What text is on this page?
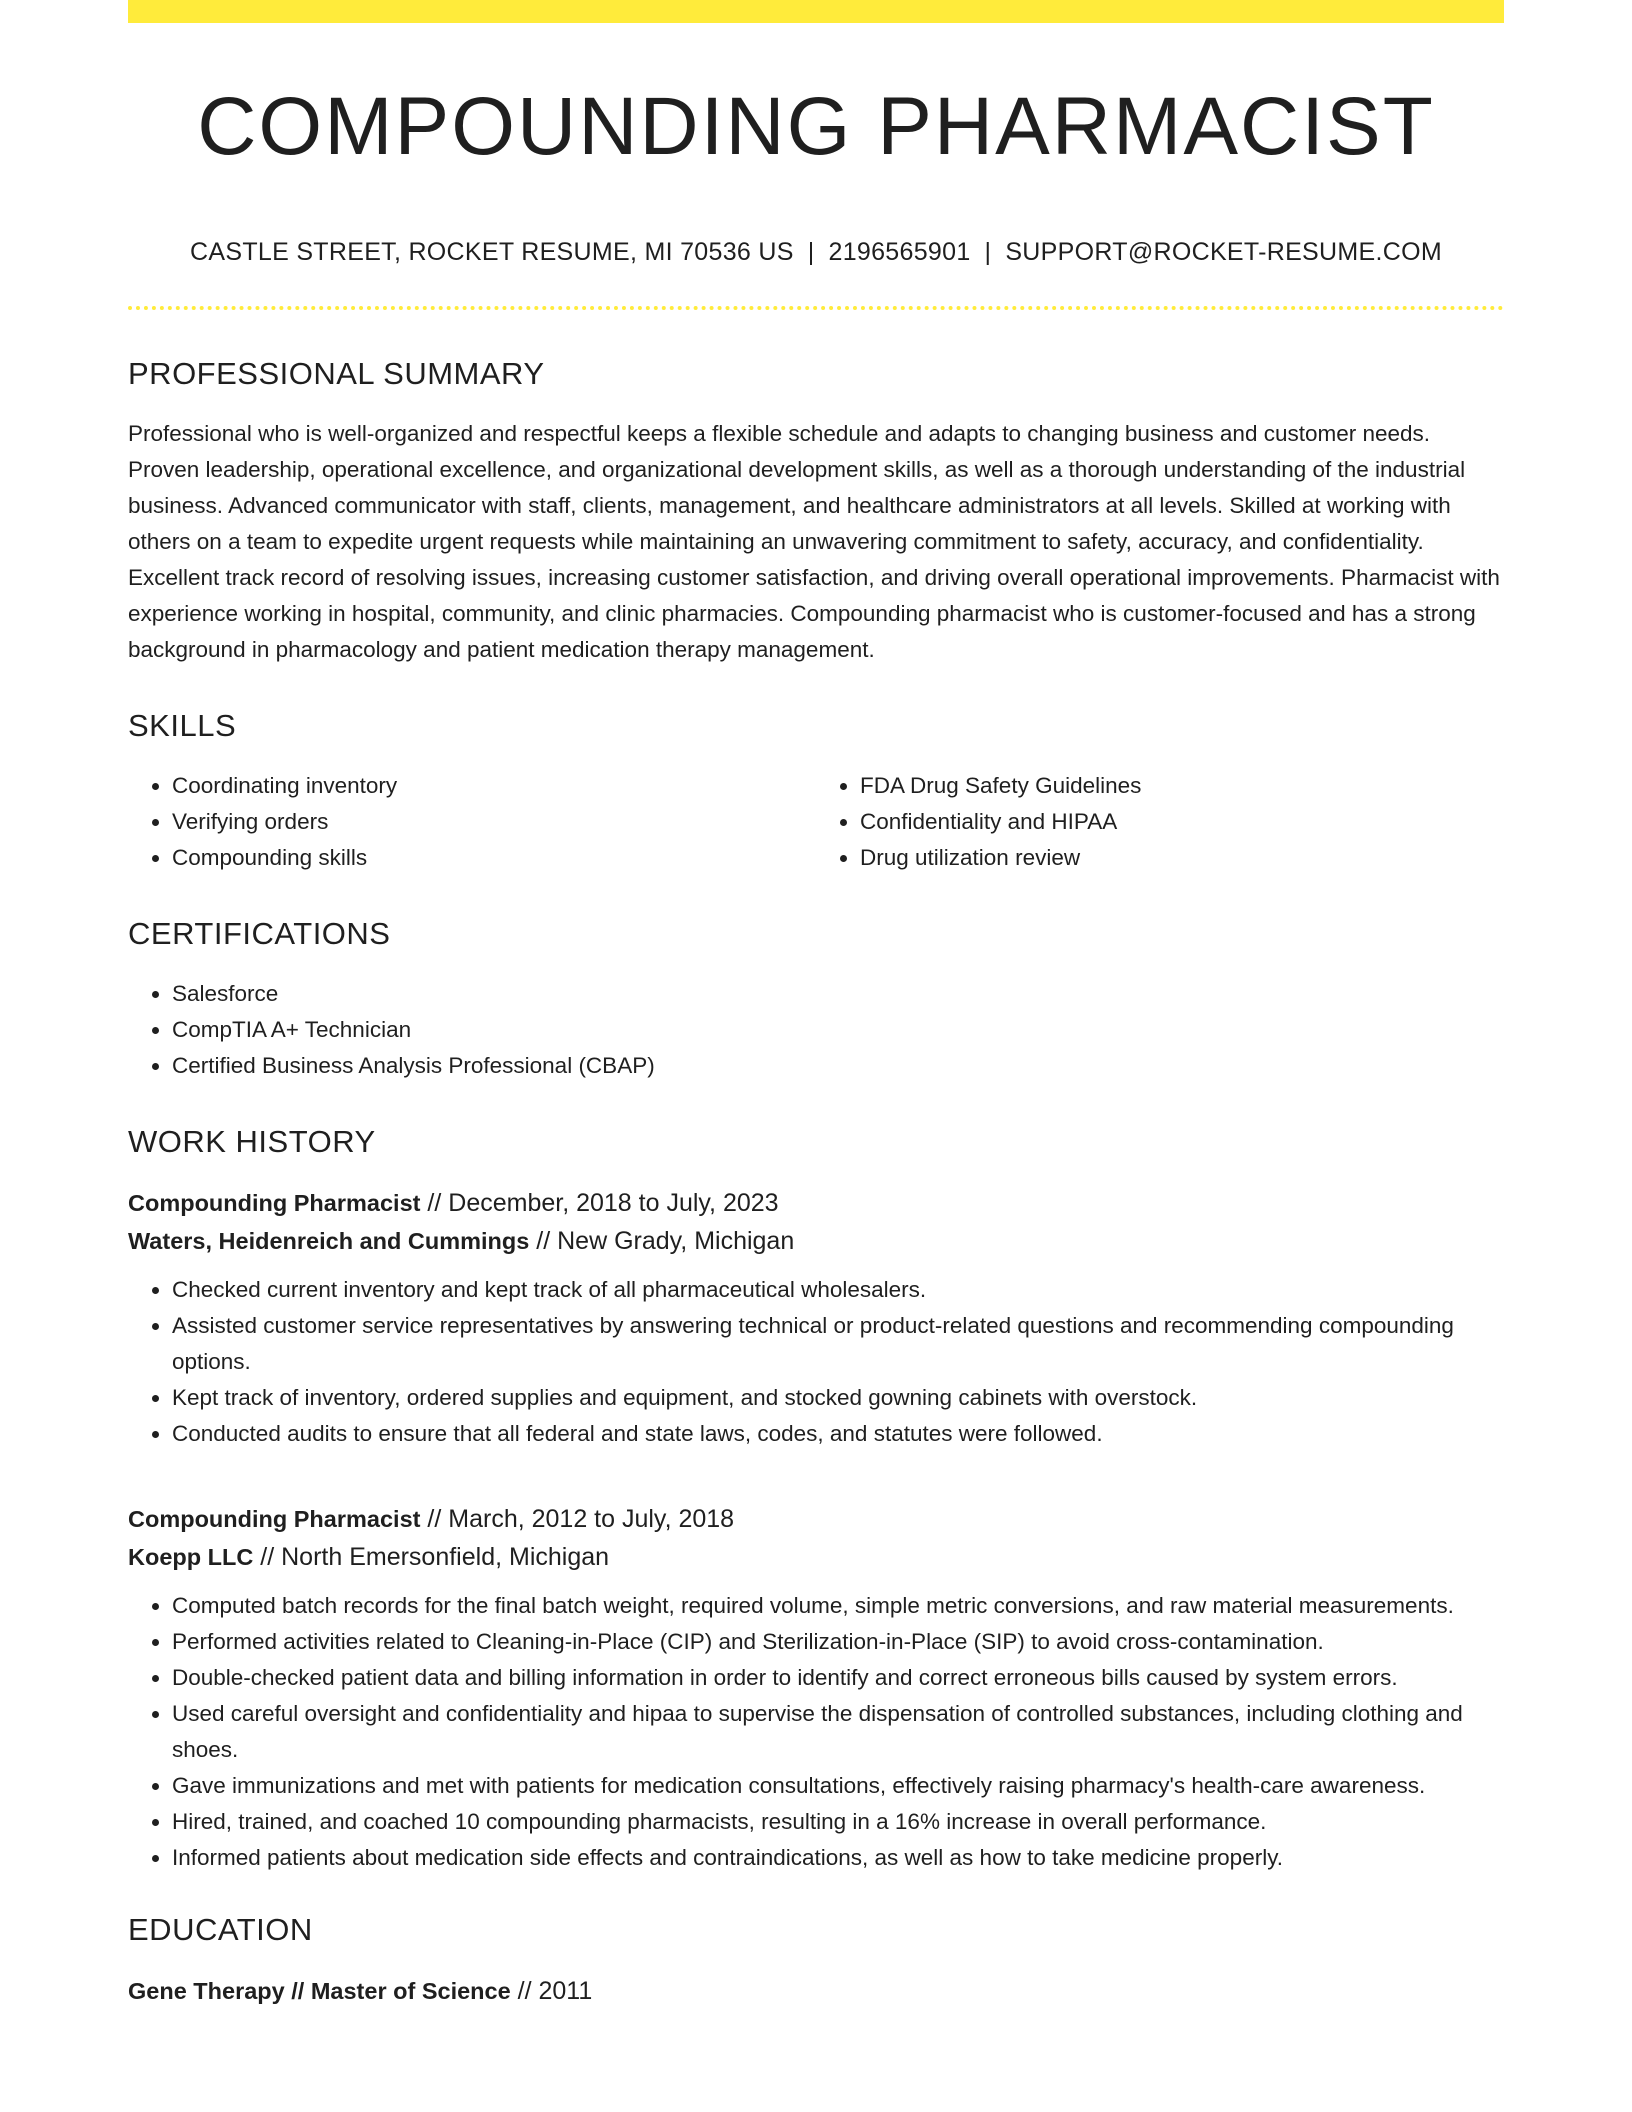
COMPOUNDING PHARMACIST
CASTLE STREET, ROCKET RESUME, MI 70536 US | 2196565901 | SUPPORT@ROCKET-RESUME.COM
PROFESSIONAL SUMMARY

Professional who is well-organized and respectful keeps a flexible schedule and adapts to changing business and customer needs. Proven leadership, operational excellence, and organizational development skills, as well as a thorough understanding of the industrial business. Advanced communicator with staff, clients, management, and healthcare administrators at all levels. Skilled at working with others on a team to expedite urgent requests while maintaining an unwavering commitment to safety, accuracy, and confidentiality. Excellent track record of resolving issues, increasing customer satisfaction, and driving overall operational improvements. Pharmacist with experience working in hospital, community, and clinic pharmacies. Compounding pharmacist who is customer-focused and has a strong background in pharmacology and patient medication therapy management.

SKILLS
• Coordinating inventory
• Verifying orders
• Compounding skills
• FDA Drug Safety Guidelines
• Confidentiality and HIPAA
• Drug utilization review
CERTIFICATIONS
• Salesforce
• CompTIA A+ Technician
• Certified Business Analysis Professional (CBAP)
WORK HISTORY
Compounding Pharmacist // December, 2018 to July, 2023
Waters, Heidenreich and Cummings // New Grady, Michigan
• Checked current inventory and kept track of all pharmaceutical wholesalers.
• Assisted customer service representatives by answering technical or product-related questions and recommending compounding options.
• Kept track of inventory, ordered supplies and equipment, and stocked gowning cabinets with overstock.
• Conducted audits to ensure that all federal and state laws, codes, and statutes were followed.
Compounding Pharmacist // March, 2012 to July, 2018
Koepp LLC // North Emersonfield, Michigan
• Computed batch records for the final batch weight, required volume, simple metric conversions, and raw material measurements.
• Performed activities related to Cleaning-in-Place (CIP) and Sterilization-in-Place (SIP) to avoid cross-contamination.
• Double-checked patient data and billing information in order to identify and correct erroneous bills caused by system errors.
• Used careful oversight and confidentiality and hipaa to supervise the dispensation of controlled substances, including clothing and shoes.
• Gave immunizations and met with patients for medication consultations, effectively raising pharmacy's health-care awareness.
• Hired, trained, and coached 10 compounding pharmacists, resulting in a 16% increase in overall performance.
• Informed patients about medication side effects and contraindications, as well as how to take medicine properly.
EDUCATION
Gene Therapy // Master of Science // 2011
